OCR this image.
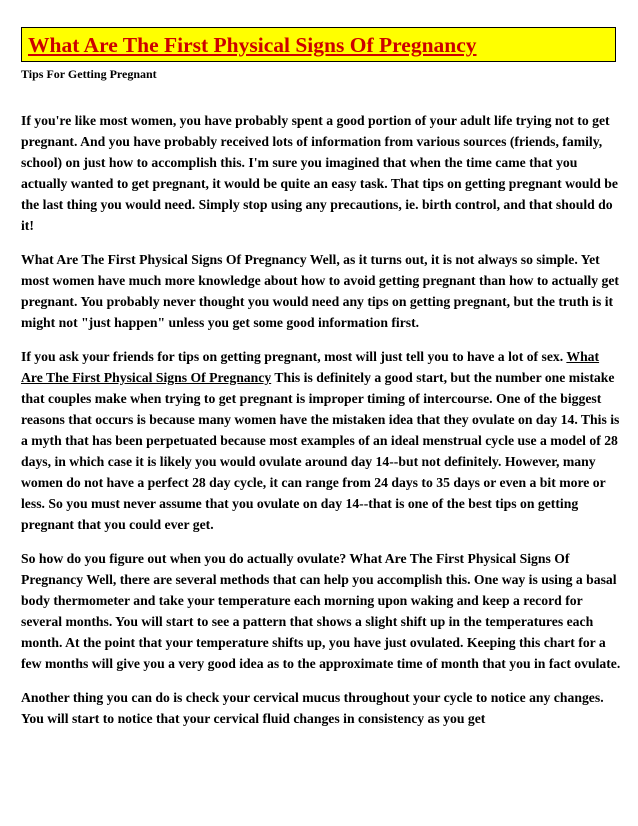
What Are The First Physical Signs Of Pregnancy
Tips For Getting Pregnant

If you're like most women, you have probably spent a good portion of your adult life trying not to get pregnant. And you have probably received lots of information from various sources (friends, family, school) on just how to accomplish this. I'm sure you imagined that when the time came that you actually wanted to get pregnant, it would be quite an easy task. That tips on getting pregnant would be the last thing you would need. Simply stop using any precautions, ie. birth control, and that should do it!

What Are The First Physical Signs Of Pregnancy Well, as it turns out, it is not always so simple. Yet most women have much more knowledge about how to avoid getting pregnant than how to actually get pregnant. You probably never thought you would need any tips on getting pregnant, but the truth is it might not "just happen" unless you get some good information first.

If you ask your friends for tips on getting pregnant, most will just tell you to have a lot of sex. What Are The First Physical Signs Of Pregnancy This is definitely a good start, but the number one mistake that couples make when trying to get pregnant is improper timing of intercourse. One of the biggest reasons that occurs is because many women have the mistaken idea that they ovulate on day 14. This is a myth that has been perpetuated because most examples of an ideal menstrual cycle use a model of 28 days, in which case it is likely you would ovulate around day 14--but not definitely. However, many women do not have a perfect 28 day cycle, it can range from 24 days to 35 days or even a bit more or less. So you must never assume that you ovulate on day 14--that is one of the best tips on getting pregnant that you could ever get.

So how do you figure out when you do actually ovulate? What Are The First Physical Signs Of Pregnancy Well, there are several methods that can help you accomplish this. One way is using a basal body thermometer and take your temperature each morning upon waking and keep a record for several months. You will start to see a pattern that shows a slight shift up in the temperatures each month. At the point that your temperature shifts up, you have just ovulated. Keeping this chart for a few months will give you a very good idea as to the approximate time of month that you in fact ovulate.

Another thing you can do is check your cervical mucus throughout your cycle to notice any changes. You will start to notice that your cervical fluid changes in consistency as you get
